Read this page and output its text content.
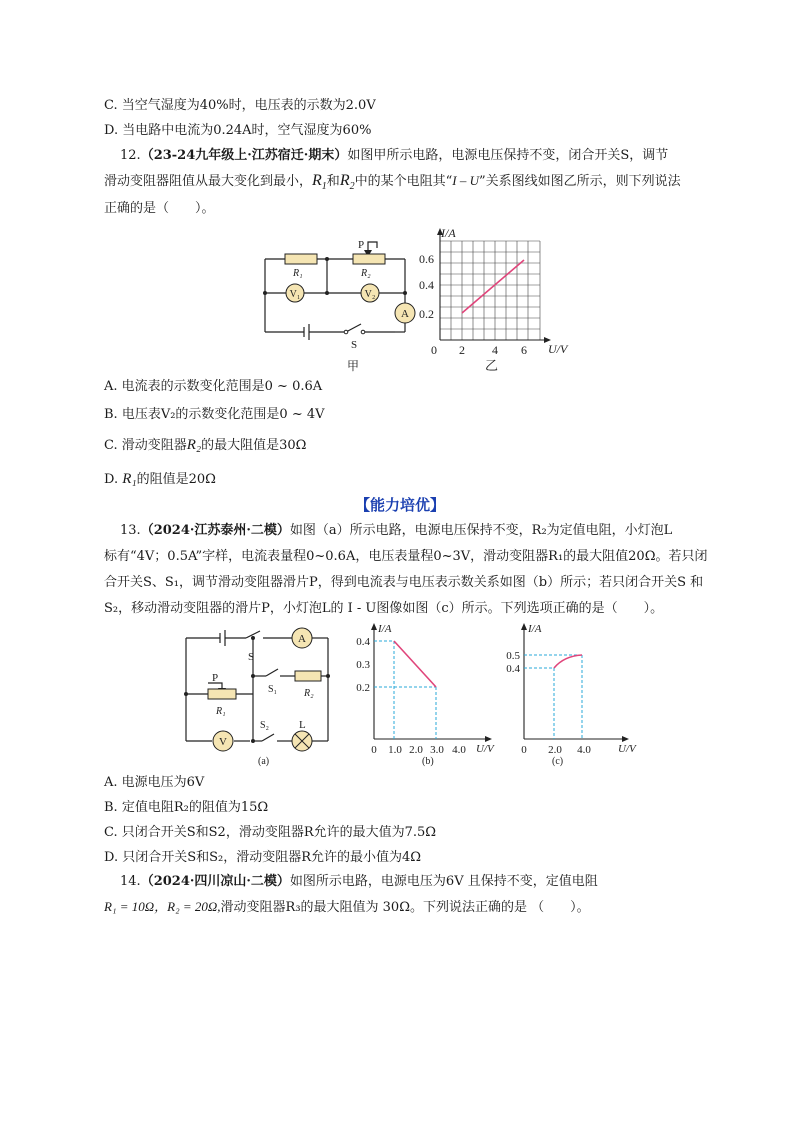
C. 当空气湿度为40%时，电压表的示数为2.0V
D. 当电路中电流为0.24A时，空气湿度为60%
12.（23-24九年级上·江苏宿迁·期末）如图甲所示电路，电源电压保持不变，闭合开关S，调节
滑动变阻器阻值从最大变化到最小，$R_1$和$R_2$中的某个电阻其“I – U”关系图线如图乙所示，则下列说法
正确的是（　　）。
V₁	V₂
A
P
R₁	R₂
S
甲
I/A
U/V
0 2 4 6
0.2
0.4
0.6
乙
A. 电流表的示数变化范围是0 ~ 0.6A
B. 电压表V₂的示数变化范围是0 ~ 4V
C. 滑动变阻器R₂的最大阻值是30Ω
D. R₁的阻值是20Ω
【能力培优】
13.（2024·江苏泰州·二模）如图（a）所示电路，电源电压保持不变，R₂为定值电阻，小灯泡L
标有“4V；0.5A”字样，电流表量程0~0.6A，电压表量程0~3V，滑动变阻器R₁的最大阻值20Ω。若只闭
合开关S、S₁，调节滑动变阻器滑片P，得到电流表与电压表示数关系如图（b）所示；若只闭合开关S 和
S₂，移动滑动变阻器的滑片P，小灯泡L的 I - U图像如图（c）所示。下列选项正确的是（　　）。
A
V
S
P
R₁
S₁	R₂
S₂	L
(a)
I/A
U/V
0 1.0 2.0 3.0 4.0
0.2
0.3
0.4
(b)
I/A
U/V
0 2.0 4.0
0.4
0.5
(c)
A. 电源电压为6V
B. 定值电阻R₂的阻值为15Ω
C. 只闭合开关S和S2，滑动变阻器R允许的最大值为7.5Ω
D. 只闭合开关S和S₂，滑动变阻器R允许的最小值为4Ω
14.（2024·四川凉山·二模）如图所示电路，电源电压为6V 且保持不变，定值电阻
R₁ = 10Ω，R₂ = 20Ω,滑动变阻器R₃的最大阻值为 30Ω。下列说法正确的是 （　　）。
